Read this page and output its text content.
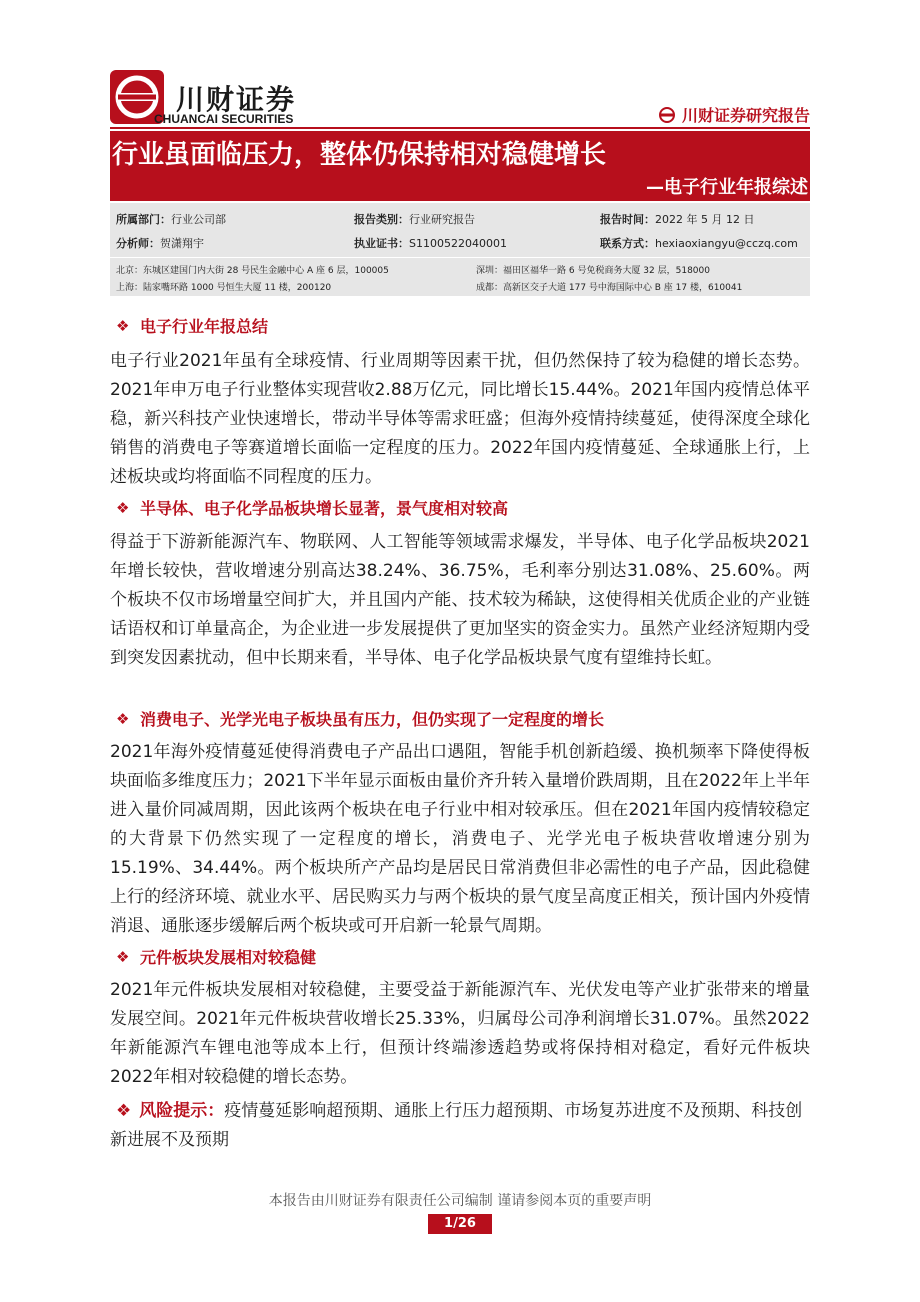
川财证券
CHUANCAI SECURITIES	川财证券研究报告
行业虽面临压力，整体仍保持相对稳健增长
—电子行业年报综述
所属部门：行业公司部	报告类别：行业研究报告	报告时间：2022 年 5 月 12 日
分析师：贺潇翔宇	执业证书：S1100522040001	联系方式：hexiaoxiangyu@cczq.com
北京：东城区建国门内大街 28 号民生金融中心 A 座 6 层，100005	深圳：福田区福华一路 6 号免税商务大厦 32 层，518000
上海：陆家嘴环路 1000 号恒生大厦 11 楼，200120	成都：高新区交子大道 177 号中海国际中心 B 座 17 楼，610041
❖ 电子行业年报总结
电子行业2021年虽有全球疫情、行业周期等因素干扰，但仍然保持了较为稳健的增长态势。2021年申万电子行业整体实现营收2.88万亿元，同比增长15.44%。2021年国内疫情总体平稳，新兴科技产业快速增长，带动半导体等需求旺盛；但海外疫情持续蔓延，使得深度全球化销售的消费电子等赛道增长面临一定程度的压力。2022年国内疫情蔓延、全球通胀上行，上述板块或均将面临不同程度的压力。
❖ 半导体、电子化学品板块增长显著，景气度相对较高
得益于下游新能源汽车、物联网、人工智能等领域需求爆发，半导体、电子化学品板块2021年增长较快，营收增速分别高达38.24%、36.75%，毛利率分别达31.08%、25.60%。两个板块不仅市场增量空间扩大，并且国内产能、技术较为稀缺，这使得相关优质企业的产业链话语权和订单量高企，为企业进一步发展提供了更加坚实的资金实力。虽然产业经济短期内受到突发因素扰动，但中长期来看，半导体、电子化学品板块景气度有望维持长虹。
❖ 消费电子、光学光电子板块虽有压力，但仍实现了一定程度的增长
2021年海外疫情蔓延使得消费电子产品出口遇阻，智能手机创新趋缓、换机频率下降使得板块面临多维度压力；2021下半年显示面板由量价齐升转入量增价跌周期，且在2022年上半年进入量价同减周期，因此该两个板块在电子行业中相对较承压。但在2021年国内疫情较稳定的大背景下仍然实现了一定程度的增长，消费电子、光学光电子板块营收增速分别为15.19%、34.44%。两个板块所产产品均是居民日常消费但非必需性的电子产品，因此稳健上行的经济环境、就业水平、居民购买力与两个板块的景气度呈高度正相关，预计国内外疫情消退、通胀逐步缓解后两个板块或可开启新一轮景气周期。
❖ 元件板块发展相对较稳健
2021年元件板块发展相对较稳健，主要受益于新能源汽车、光伏发电等产业扩张带来的增量发展空间。2021年元件板块营收增长25.33%，归属母公司净利润增长31.07%。虽然2022年新能源汽车锂电池等成本上行，但预计终端渗透趋势或将保持相对稳定，看好元件板块2022年相对较稳健的增长态势。
❖ 风险提示：疫情蔓延影响超预期、通胀上行压力超预期、市场复苏进度不及预期、科技创新进展不及预期
本报告由川财证券有限责任公司编制 谨请参阅本页的重要声明
1/26
